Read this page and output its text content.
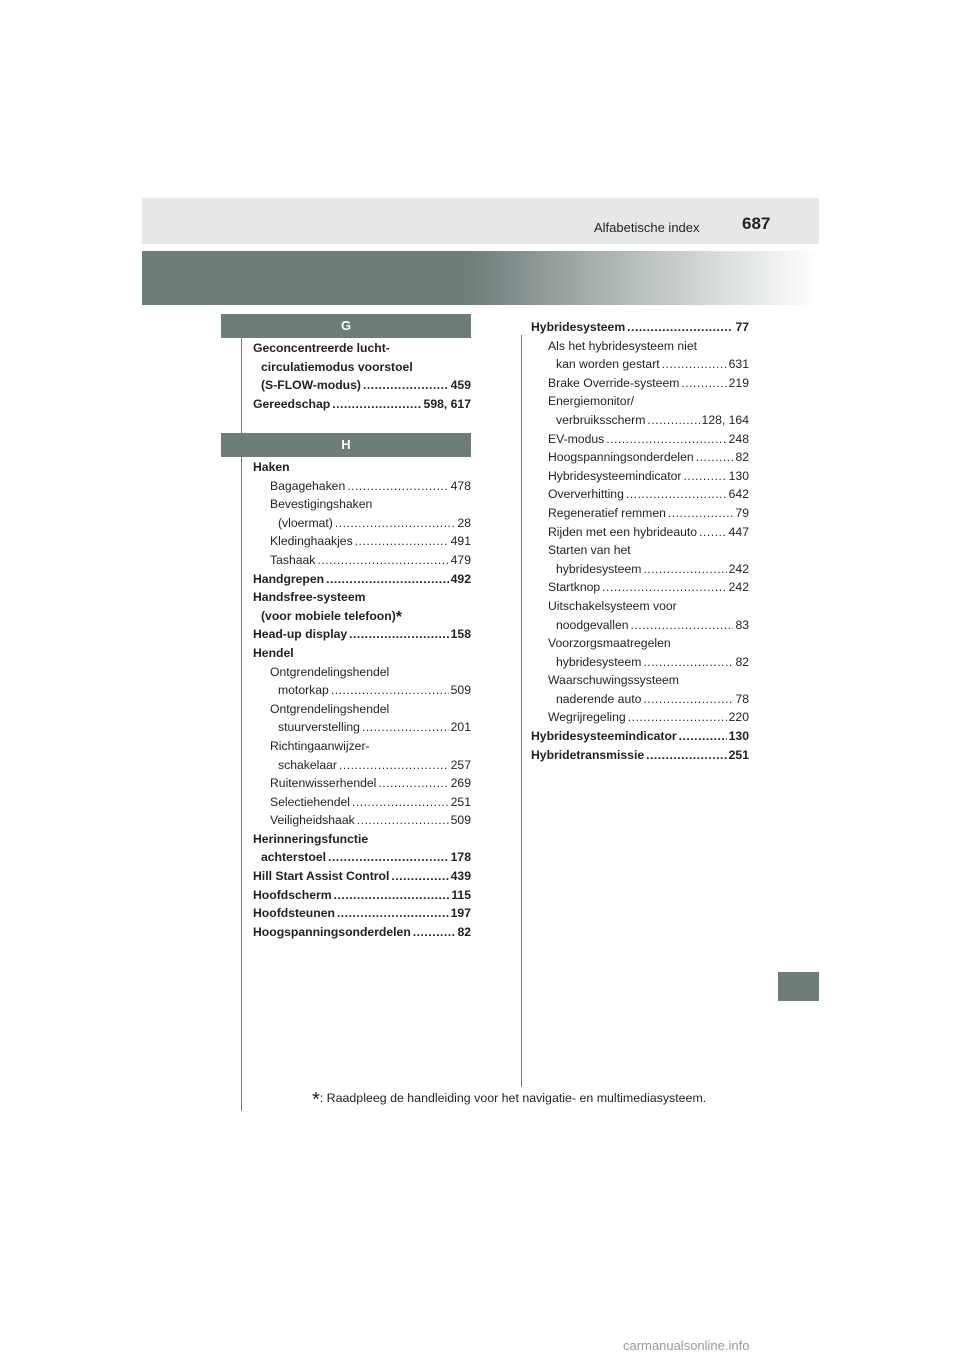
Alfabetische index 687
G
Geconcentreerde lucht-
circulatiemodus voorstoel
(S-FLOW-modus) .....	459
Gereedschap .....	598, 617
H
Haken
Bagagehaken .....	478
Bevestigingshaken
(vloermat) .....	28
Kledinghaakjes .....	491
Tashaak .....	479
Handgrepen .....	492
Handsfree-systeem
(voor mobiele telefoon)*
Head-up display .....	158
Hendel
Ontgrendelingshendel
motorkap .....	509
Ontgrendelingshendel
stuurverstelling .....	201
Richtingaanwijzer-
schakelaar .....	257
Ruitenwisserhendel .....	269
Selectiehendel .....	251
Veiligheidshaak .....	509
Herinneringsfunctie
achterstoel .....	178
Hill Start Assist Control .....	439
Hoofdscherm .....	115
Hoofdsteunen .....	197
Hoogspanningsonderdelen .....	82
Hybridesysteem .....	77
Als het hybridesysteem niet
kan worden gestart .....	631
Brake Override-systeem .....	219
Energiemonitor/
verbruiksscherm .....	128, 164
EV-modus .....	248
Hoogspanningsonderdelen .....	82
Hybridesysteemindicator .....	130
Oververhitting .....	642
Regeneratief remmen .....	79
Rijden met een hybrideauto .....	447
Starten van het
hybridesysteem .....	242
Startknop .....	242
Uitschakelsysteem voor
noodgevallen .....	83
Voorzorgsmaatregelen
hybridesysteem .....	82
Waarschuwingssysteem
naderende auto .....	78
Wegrijregeling .....	220
Hybridesysteemindicator .....	130
Hybridetransmissie .....	251
*: Raadpleeg de handleiding voor het navigatie- en multimediasysteem.
carmanualsonline.info
